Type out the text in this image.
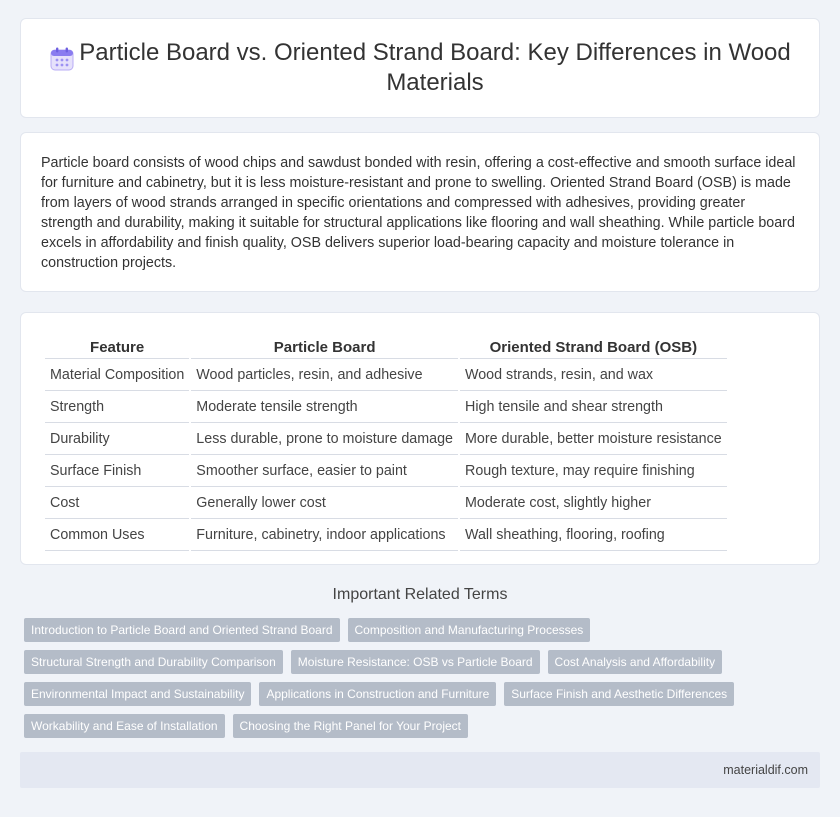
Particle Board vs. Oriented Strand Board: Key Differences in Wood Materials

Particle board consists of wood chips and sawdust bonded with resin, offering a cost-effective and smooth surface ideal for furniture and cabinetry, but it is less moisture-resistant and prone to swelling. Oriented Strand Board (OSB) is made from layers of wood strands arranged in specific orientations and compressed with adhesives, providing greater strength and durability, making it suitable for structural applications like flooring and wall sheathing. While particle board excels in affordability and finish quality, OSB delivers superior load-bearing capacity and moisture tolerance in construction projects.

Feature	Particle Board	Oriented Strand Board (OSB)
Material Composition	Wood particles, resin, and adhesive	Wood strands, resin, and wax
Strength	Moderate tensile strength	High tensile and shear strength
Durability	Less durable, prone to moisture damage	More durable, better moisture resistance
Surface Finish	Smoother surface, easier to paint	Rough texture, may require finishing
Cost	Generally lower cost	Moderate cost, slightly higher
Common Uses	Furniture, cabinetry, indoor applications	Wall sheathing, flooring, roofing
Important Related Terms
Introduction to Particle Board and Oriented Strand Board	Composition and Manufacturing Processes
Structural Strength and Durability Comparison	Moisture Resistance: OSB vs Particle Board	Cost Analysis and Affordability
Environmental Impact and Sustainability	Applications in Construction and Furniture	Surface Finish and Aesthetic Differences
Workability and Ease of Installation	Choosing the Right Panel for Your Project
materialdif.com
